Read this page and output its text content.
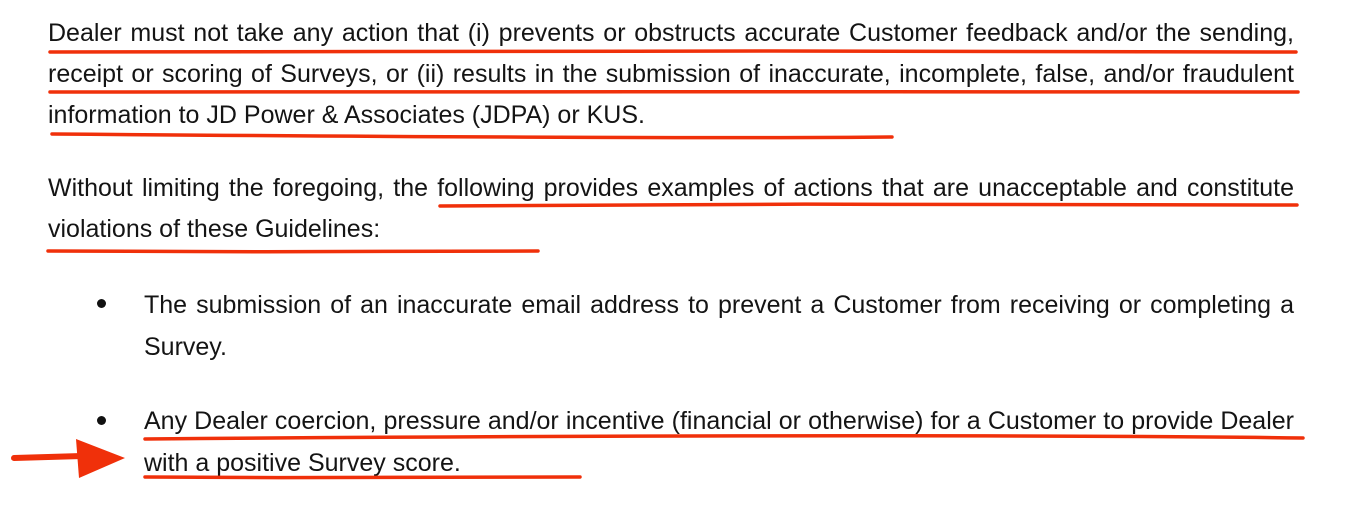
Dealer must not take any action that (i) prevents or obstructs accurate Customer feedback and/or the sending, receipt or scoring of Surveys, or (ii) results in the submission of inaccurate, incomplete, false, and/or fraudulent information to JD Power & Associates (JDPA) or KUS.

Without limiting the foregoing, the following provides examples of actions that are unacceptable and constitute violations of these Guidelines:

The submission of an inaccurate email address to prevent a Customer from receiving or completing a Survey.

Any Dealer coercion, pressure and/or incentive (financial or otherwise) for a Customer to provide Dealer with a positive Survey score.
